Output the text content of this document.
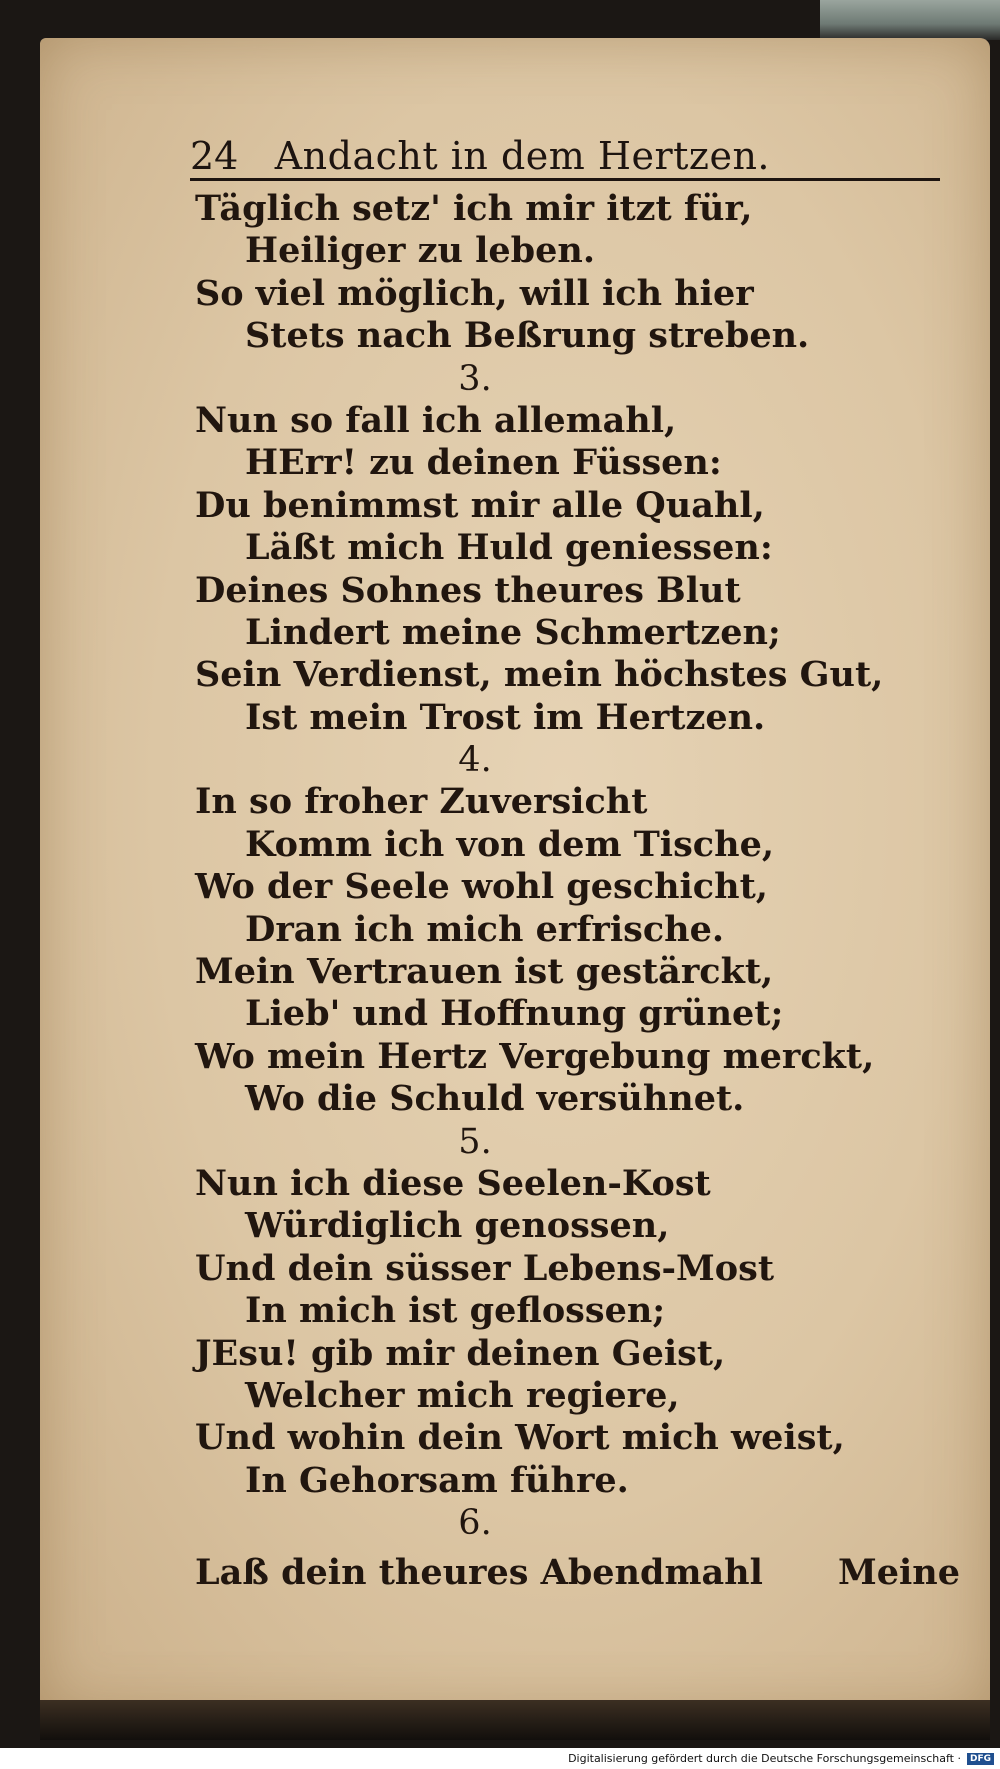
24 Andacht in dem Hertzen.
Täglich setz' ich mir itzt für,
Heiliger zu leben.
So viel möglich, will ich hier
Stets nach Beßrung streben.
3.
Nun so fall ich allemahl,
HErr! zu deinen Füssen:
Du benimmst mir alle Quahl,
Läßt mich Huld geniessen:
Deines Sohnes theures Blut
Lindert meine Schmertzen;
Sein Verdienst, mein höchstes Gut,
Ist mein Trost im Hertzen.
4.
In so froher Zuversicht
Komm ich von dem Tische,
Wo der Seele wohl geschicht,
Dran ich mich erfrische.
Mein Vertrauen ist gestärckt,
Lieb' und Hoffnung grünet;
Wo mein Hertz Vergebung merckt,
Wo die Schuld versühnet.
5.
Nun ich diese Seelen-Kost
Würdiglich genossen,
Und dein süsser Lebens-Most
In mich ist geflossen;
JEsu! gib mir deinen Geist,
Welcher mich regiere,
Und wohin dein Wort mich weist,
In Gehorsam führe.
6.
Laß dein theures Abendmahl Meine
Digitalisierung gefördert durch die Deutsche Forschungsgemeinschaft ·	DFG
